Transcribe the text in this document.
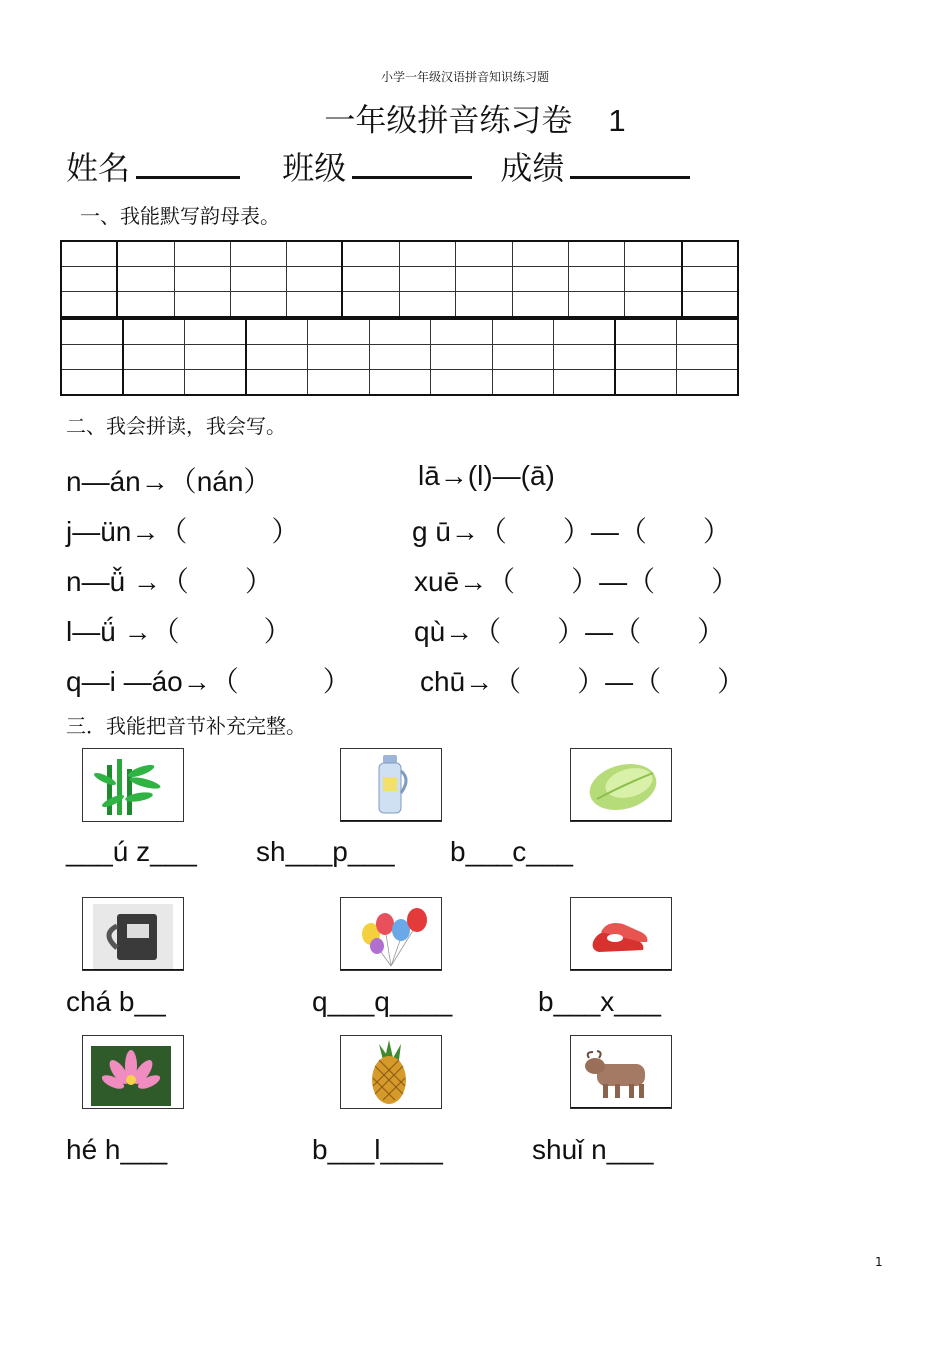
小学一年级汉语拼音知识练习题
一年级拼音练习卷 1
姓名	班级	成绩
一、我能默写韵母表。

二、我会拼读，我会写。
n—án→（nán）
j—ün→（　　　）
n—ǚ →（　　）
l—ǘ →（　　　）
q—i —áo→（　　　）
lā→(l)—(ā)
ɡ ū→（　　）—（　　）
xuē→（　　）—（　　）
qù→（　　）—（　　）
chū→（　　）—（　　）
三．我能把音节补充完整。
___ú z___ sh___p___ b___c___
chá b__	q___q____	b___x___
hé h___	b___l____	shuǐ n___
1
